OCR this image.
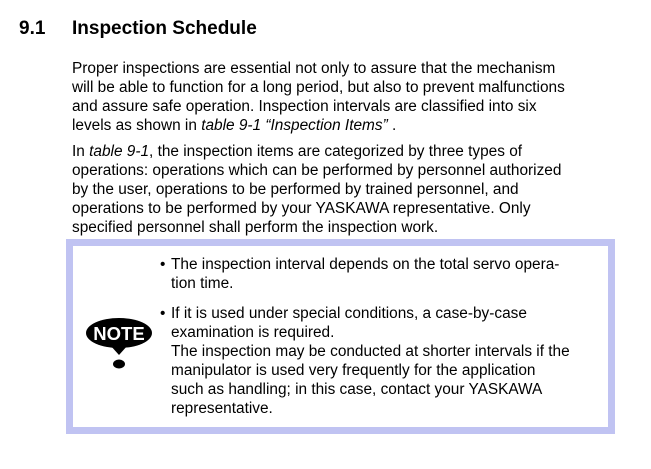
9.1 Inspection Schedule

Proper inspections are essential not only to assure that the mechanism
will be able to function for a long period, but also to prevent malfunctions
and assure safe operation. Inspection intervals are classified into six
levels as shown in table 9-1 “Inspection Items” .

In table 9-1, the inspection items are categorized by three types of
operations: operations which can be performed by personnel authorized
by the user, operations to be performed by trained personnel, and
operations to be performed by your YASKAWA representative. Only
specified personnel shall perform the inspection work.

NOTE
• The inspection interval depends on the total servo opera-
tion time.
• If it is used under special conditions, a case-by-case
examination is required.
The inspection may be conducted at shorter intervals if the
manipulator is used very frequently for the application
such as handling; in this case, contact your YASKAWA
representative.
